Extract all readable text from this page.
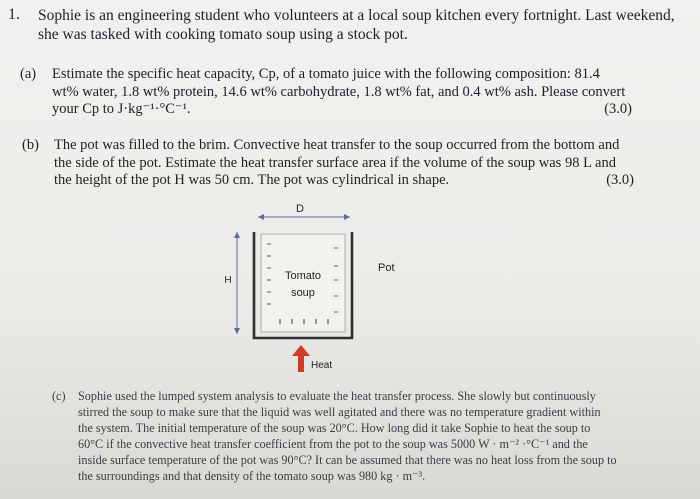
1. Sophie is an engineering student who volunteers at a local soup kitchen every fortnight. Last weekend, she was tasked with cooking tomato soup using a stock pot.
(a) Estimate the specific heat capacity, Cp, of a tomato juice with the following composition: 81.4 wt% water, 1.8 wt% protein, 14.6 wt% carbohydrate, 1.8 wt% fat, and 0.4 wt% ash. Please convert your Cp to J·kg⁻¹·°C⁻¹.	(3.0)
(b) The pot was filled to the brim. Convective heat transfer to the soup occurred from the bottom and the side of the pot. Estimate the heat transfer surface area if the volume of the soup was 98 L and the height of the pot H was 50 cm. The pot was cylindrical in shape.	(3.0)
D
H	Tomato
soup
Pot
Heat
(c) Sophie used the lumped system analysis to evaluate the heat transfer process. She slowly but continuously stirred the soup to make sure that the liquid was well agitated and there was no temperature gradient within the system. The initial temperature of the soup was 20°C. How long did it take Sophie to heat the soup to 60°C if the convective heat transfer coefficient from the pot to the soup was 5000 W · m⁻² ·°C⁻¹ and the inside surface temperature of the pot was 90°C? It can be assumed that there was no heat loss from the soup to the surroundings and that density of the tomato soup was 980 kg · m⁻³.
